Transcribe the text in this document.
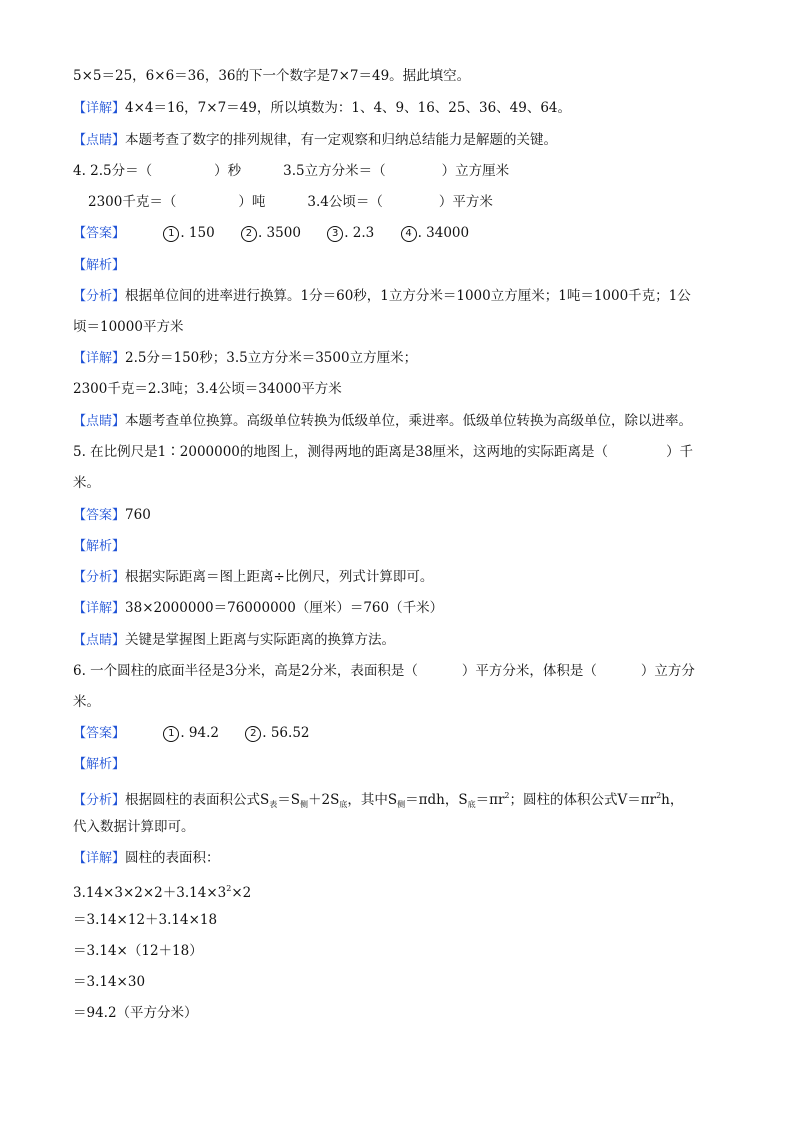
5×5＝25，6×6＝36，36的下一个数字是7×7＝49。据此填空。
【详解】4×4＝16，7×7＝49，所以填数为：1、4、9、16、25、36、49、64。
【点睛】本题考查了数字的排列规律，有一定观察和归纳总结能力是解题的关键。
4. 2.5分＝（	）秒	3.5立方分米＝（	）立方厘米
2300千克＝（	）吨	3.4公顷＝（	）平方米
【答案】	1 . 150	2 . 3500	3 . 2.3	4 . 34000
【解析】
【分析】根据单位间的进率进行换算。1分＝60秒，1立方分米＝1000立方厘米；1吨＝1000千克；1公
顷＝10000平方米
【详解】2.5分＝150秒；3.5立方分米＝3500立方厘米；
2300千克＝2.3吨；3.4公顷＝34000平方米
【点睛】本题考查单位换算。高级单位转换为低级单位，乘进率。低级单位转换为高级单位，除以进率。
5. 在比例尺是1∶2000000的地图上，测得两地的距离是38厘米，这两地的实际距离是（	）千
米。
【答案】760
【解析】
【分析】根据实际距离＝图上距离÷比例尺，列式计算即可。
【详解】38×2000000＝76000000（厘米）＝760（千米）
【点睛】关键是掌握图上距离与实际距离的换算方法。
6. 一个圆柱的底面半径是3分米，高是2分米，表面积是（	）平方分米，体积是（	）立方分
米。
【答案】	1 . 94.2	2 . 56.52
【解析】
【分析】根据圆柱的表面积公式$S_表=S_侧+2S_底$，其中$S_侧=\pi dh$，$S_底=\pi r^2$；圆柱的体积公式$V=\pi r^2h$，
代入数据计算即可。
【详解】圆柱的表面积：
$3.14\times 3\times 2\times 2+3.14\times 3^2\times 2$
＝3.14×12＋3.14×18
＝3.14×（12＋18）
＝3.14×30
＝94.2（平方分米）
